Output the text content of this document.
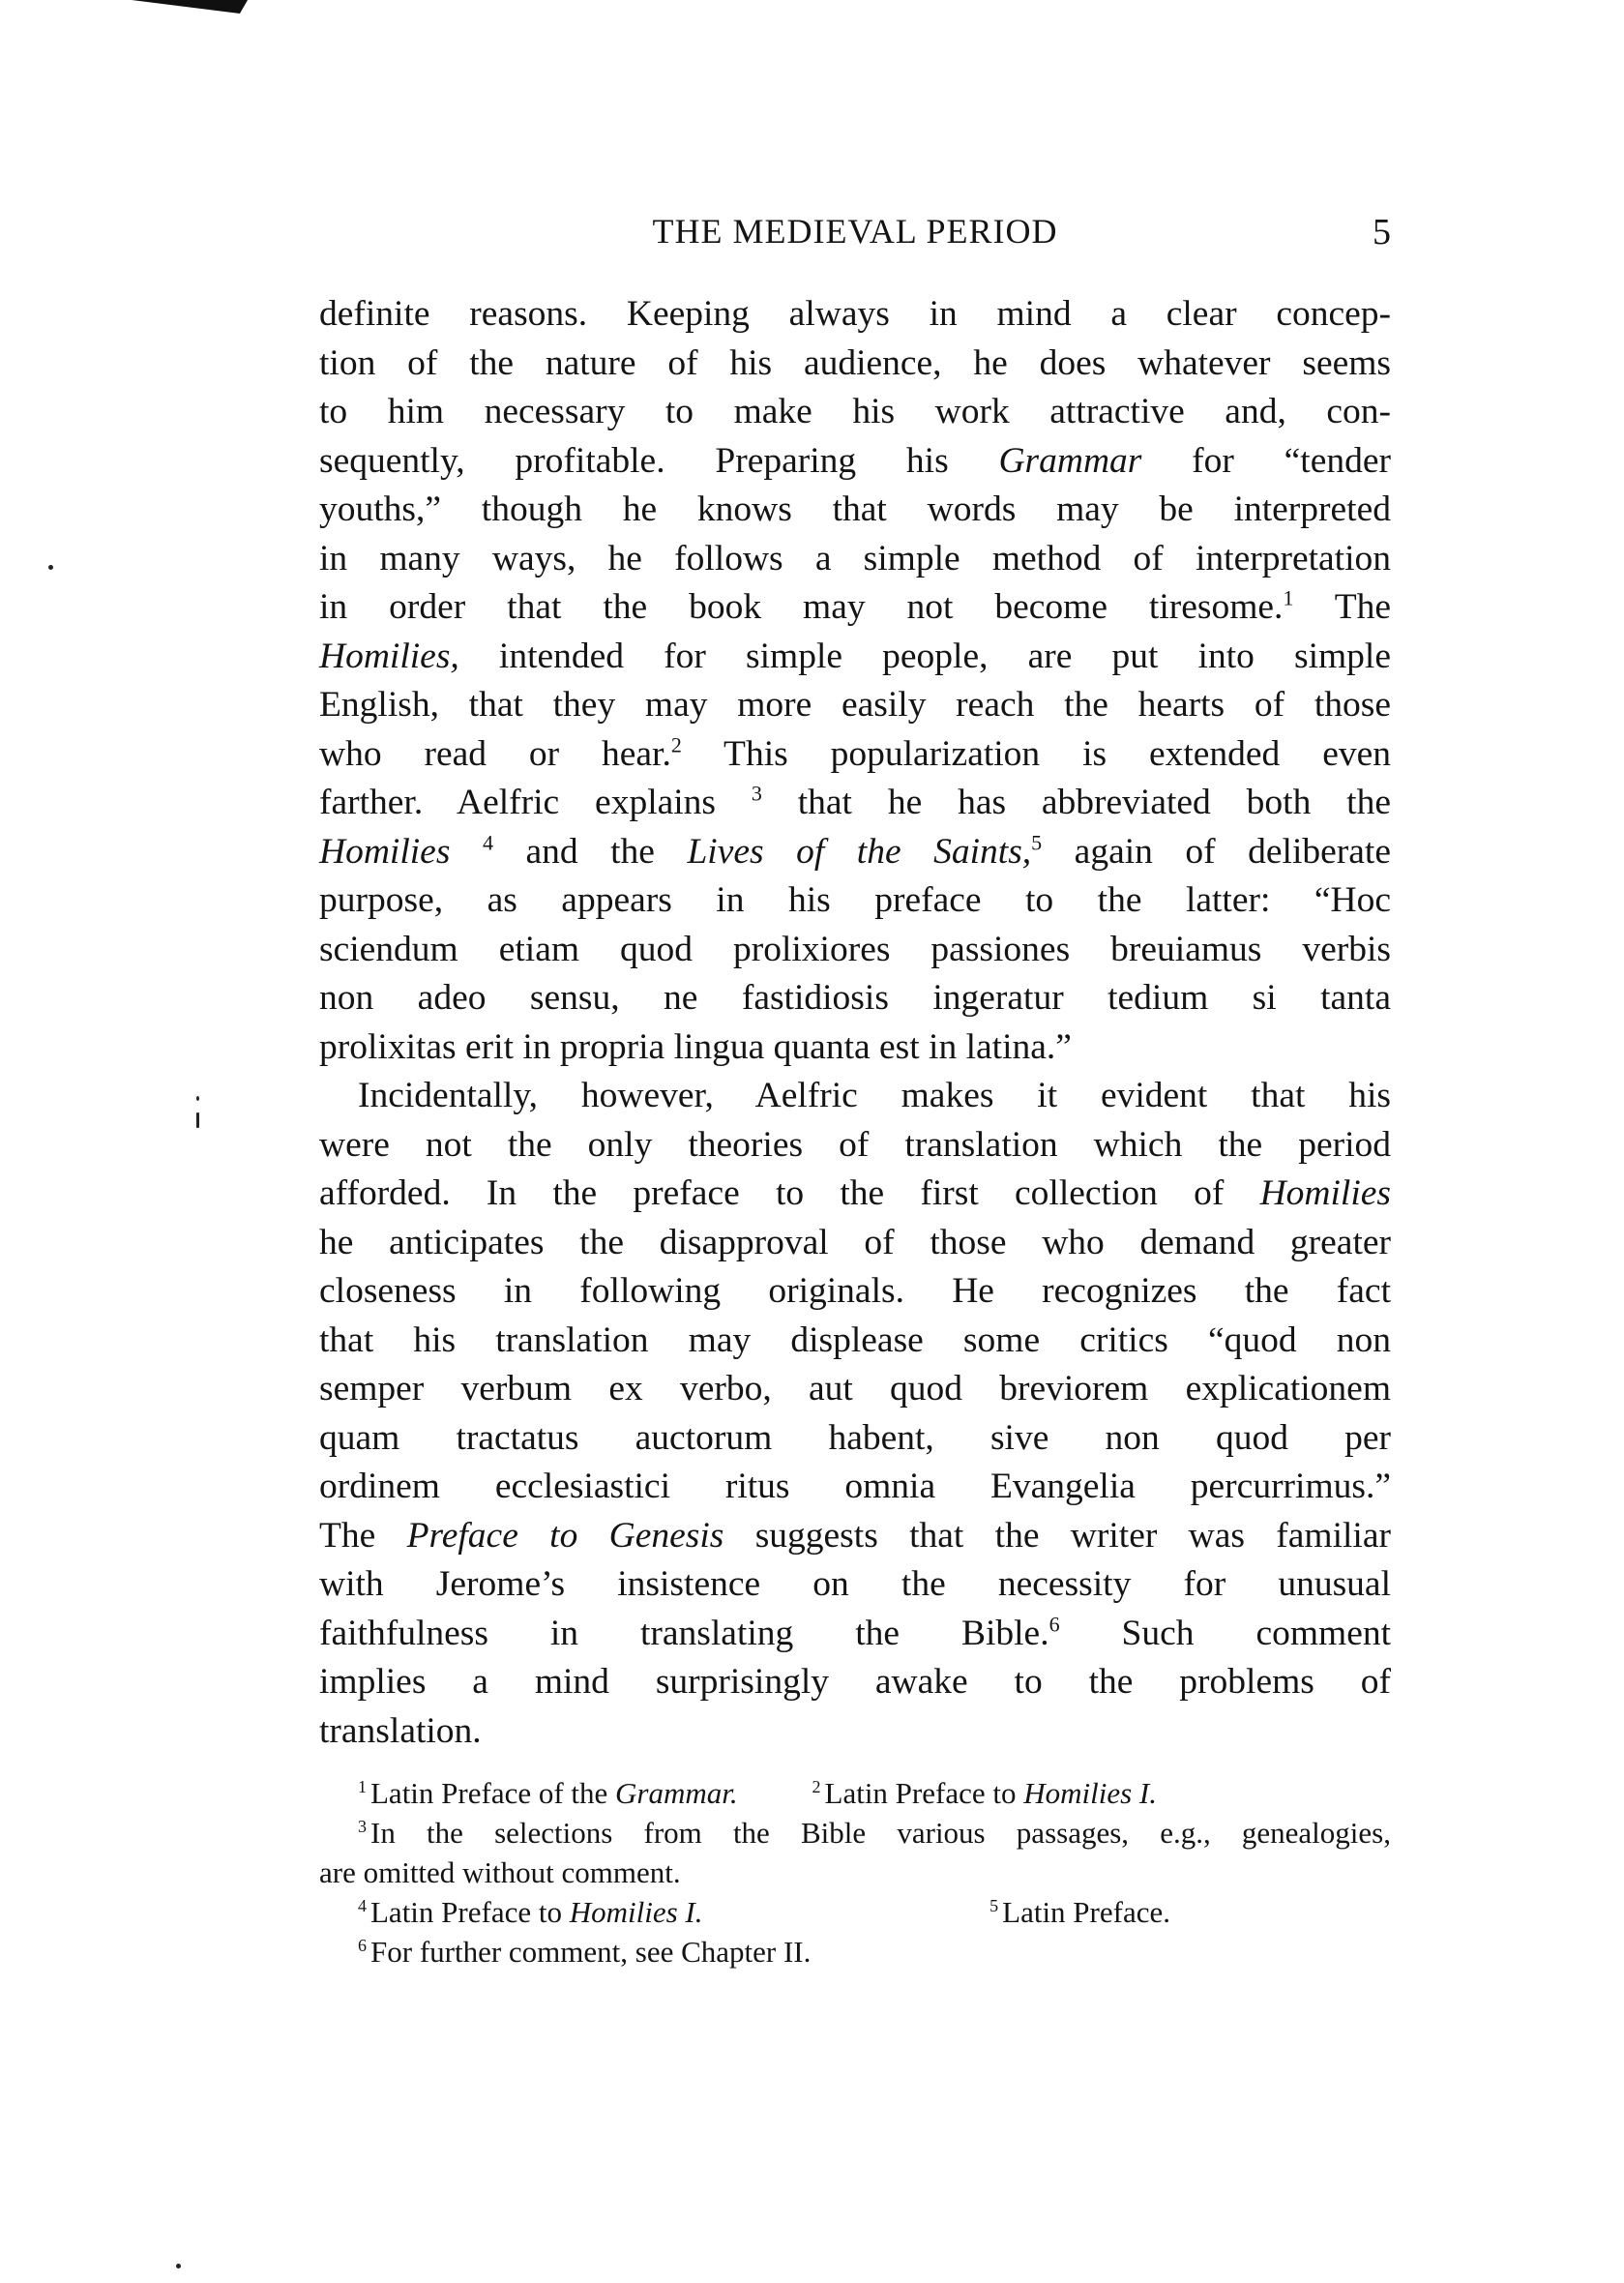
THE MEDIEVAL PERIOD	5
definite reasons. Keeping always in mind a clear concep-
tion of the nature of his audience, he does whatever seems
to him necessary to make his work attractive and, con-
sequently, profitable. Preparing his Grammar for “tender
youths,” though he knows that words may be interpreted
in many ways, he follows a simple method of interpretation
in order that the book may not become tiresome.$^1$ The
Homilies, intended for simple people, are put into simple
English, that they may more easily reach the hearts of those
who read or hear.$^2$ This popularization is extended even
farther. Aelfric explains $^3$ that he has abbreviated both the
Homilies $^4$ and the Lives of the Saints,$^5$ again of deliberate
purpose, as appears in his preface to the latter: “Hoc
sciendum etiam quod prolixiores passiones breuiamus verbis
non adeo sensu, ne fastidiosis ingeratur tedium si tanta
prolixitas erit in propria lingua quanta est in latina.”
Incidentally, however, Aelfric makes it evident that his
were not the only theories of translation which the period
afforded. In the preface to the first collection of Homilies
he anticipates the disapproval of those who demand greater
closeness in following originals. He recognizes the fact
that his translation may displease some critics “quod non
semper verbum ex verbo, aut quod breviorem explicationem
quam tractatus auctorum habent, sive non quod per
ordinem ecclesiastici ritus omnia Evangelia percurrimus.”
The Preface to Genesis suggests that the writer was familiar
with Jerome’s insistence on the necessity for unusual
faithfulness in translating the Bible.$^6$ Such comment
implies a mind surprisingly awake to the problems of
translation.
$^1$ Latin Preface of the Grammar.	$^2$ Latin Preface to Homilies I.
$^3$ In the selections from the Bible various passages, e.g., genealogies,
are omitted without comment.
$^4$ Latin Preface to Homilies I.	$^5$ Latin Preface.
$^6$ For further comment, see Chapter II.
